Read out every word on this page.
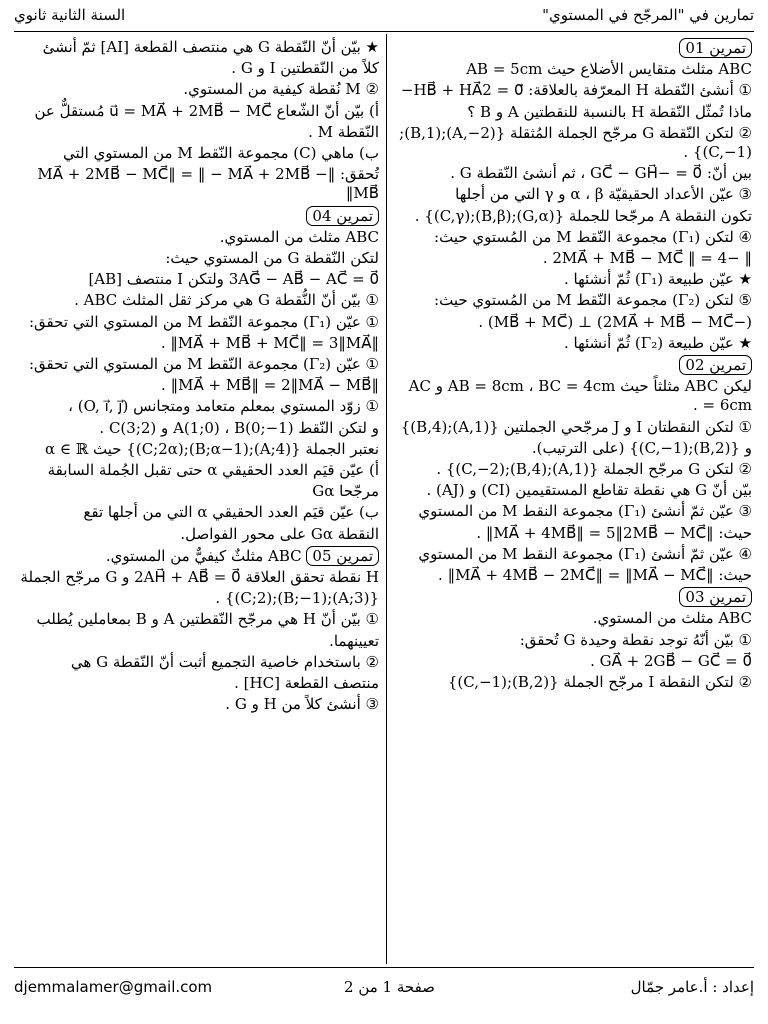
تمارين في "المرجّح في المستوي"
السنة الثانية ثانوي

تمرين 01

ABC مثلث متقايس الأضلاع حيث AB = 5cm

① أنشئ النّقطة H المعرّفة بالعلاقة: 0⃗ = HB⃗ + HA⃗2−

ماذا تُمثّل النّقطة H بالنسبة للنقطتين A و B ؟

② لتكن النّقطة G مرجّح الجملة المُثقلة {(A,−2);(B,1);(C,−1)} .

بين أنّ: GC⃗ − GH⃗− = 0⃗ ، ثم أنشئ النّقطة G .

③ عيّن الأعداد الحقيقيّة α ، β و γ التي من أجلها

تكون النقطة A مرجّحا للجملة {(G,α);(B,β);(C,γ)} .

④ لتكن (Γ₁) مجموعة النّقط M من المُستوي حيث:

‖ −2MA⃗ + MB⃗ − MC⃗ ‖ = 4 .

★ عيّن طبيعة (Γ₁) ثُمّ أنشئها .

⑤ لتكن (Γ₂) مجموعة النّقط M من المُستوي حيث:

(−2MA⃗ + MB⃗ − MC⃗) ⊥ (MB⃗ + MC⃗) .

★ عيّن طبيعة (Γ₂) ثُمّ أنشئها .

تمرين 02

ليكن ABC مثلثاً حيث AB = 8cm ، BC = 4cm و AC = 6cm .

① لتكن النقطتان I و J مرجّحي الجملتين {(A,1);(B,4)}

و {(B,2);(C,−1)} (على الترتيب).

② لتكن G مرجّح الجملة {(A,1);(B,4);(C,−2)} .

بيّن أنّ G هي نقطة تقاطع المستقيمين (CI) و (AJ) .

③ عيّن ثمّ أنشئ (Γ₁) مجموعة النقط M من المستوي

حيث: ‖MA⃗ + 4MB⃗‖ = 5‖2MB⃗ − MC⃗‖ .

④ عيّن ثمّ أنشئ (Γ₁) مجموعة النقط M من المستوي

حيث: ‖MA⃗ + 4MB⃗ − 2MC⃗‖ = ‖MA⃗ − MC⃗‖ .

تمرين 03

ABC مثلث من المستوي.

① بيّن أنّهُ توجد نقطة وحيدة G تُحقق:

GA⃗ + 2GB⃗ − GC⃗ = 0⃗ .

② لتكن النقطة I مرجّح الجملة {(B,2);(C,−1)}

★ بيّن أنّ النّقطة G هي منتصف القطعة [AI] ثمّ أنشئ

كلاً من النّقطتين I و G .

② M نُقطة كيفية من المستوي.

أ) بيّن أنّ الشّعاع u⃗ = MA⃗ + 2MB⃗ − MC⃗ مُستقلٌّ عن

النّقطة M .

ب) ماهي (C) مجموعة النّقط M من المستوي التي

تُحقق: ‖MA⃗ + 2MB⃗ − MC⃗‖ = ‖ − MA⃗ + 2MB⃗ − MB⃗‖

تمرين 04

ABC مثلث من المستوي.

لتكن النّقطة G من المستوي حيث:

3AG⃗ − AB⃗ − AC⃗ = 0⃗ ولتكن I منتصف [AB]

① بيّن أنّ النُّقطة G هي مركز ثقل المثلث ABC .

① عيّن (Γ₁) مجموعة النّقط M من المستوي التي تحقق:

‖MA⃗ + MB⃗ + MC⃗‖ = 3‖MA⃗‖ .

① عيّن (Γ₂) مجموعة النّقط M من المستوي التي تحقق:

‖MA⃗ + MB⃗‖ = 2‖MA⃗ − MB⃗‖ .

① زوّد المستوي بمعلم متعامد ومتجانس (O, i⃗, j⃗) ،

و لتكن النّقط A(1;0) ، B(0;−1) و C(3;2) .

نعتبر الجملة {(A;4);(B;α−1);(C;2α)} حيث α ∈ ℝ

أ) عيّن قيَم العدد الحقيقي α حتى تقبل الجُملة السابقة

مرجّحا Gα

ب) عيّن قيَم العدد الحقيقي α التي من أجلها تقع

النقطة Gα على محور الفواصل.

تمرين 05 ABC مثلثٌ كيفيٌّ من المستوي.

H نقطة تحقق العلاقة 2AH⃗ + AB⃗ = 0⃗ و G مرجّح الجملة

{(A;3);(B;−1);(C;2)} .

① بيّن أنّ H هي مرجّح النّقطتين A و B بمعاملين يُطلب

تعيينهما.

② باستخدام خاصية التجميع أثبت أنّ النّقطة G هي

منتصف القطعة [HC] .

③ أنشئ كلاً من H و G .

إعداد : أ.عامر جمّال
صفحة 1 من 2
djemmalamer@gmail.com
